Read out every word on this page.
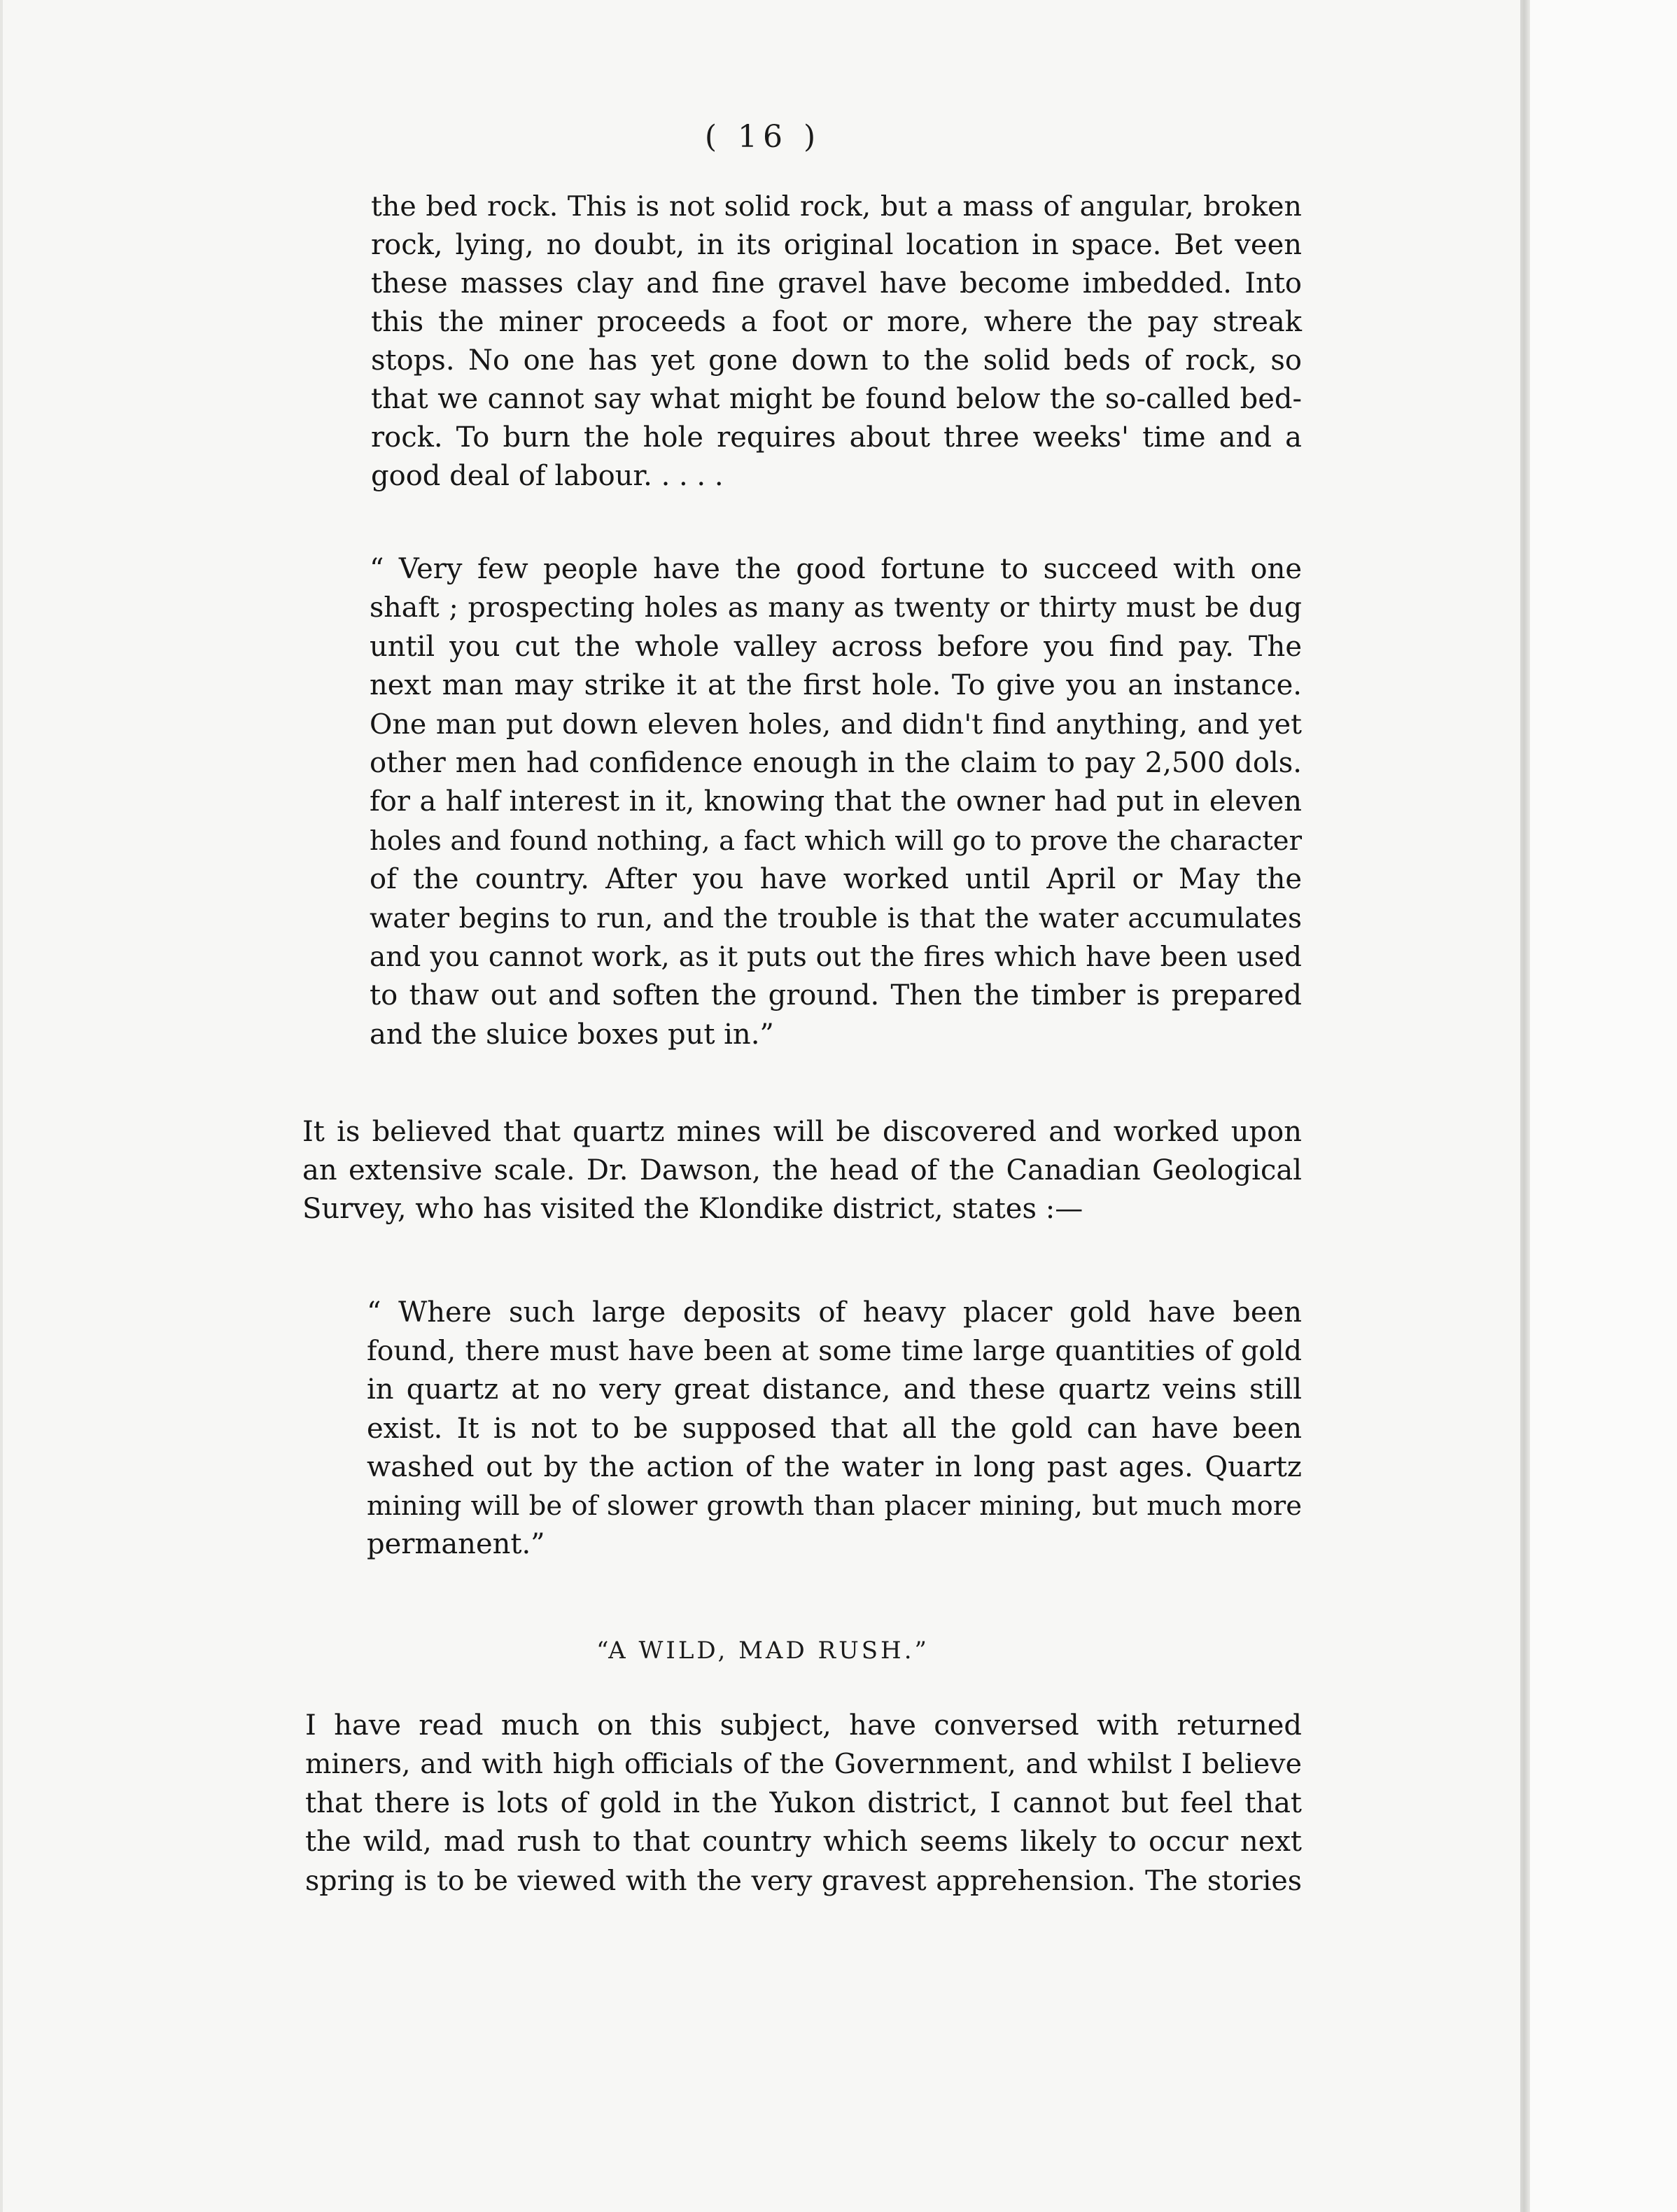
( 16 )
the bed rock. This is not solid rock, but a mass of angular, broken
rock, lying, no doubt, in its original location in space. Bet veen
these masses clay and fine gravel have become imbedded. Into
this the miner proceeds a foot or more, where the pay streak
stops. No one has yet gone down to the solid beds of rock, so
that we cannot say what might be found below the so-called bed-
rock. To burn the hole requires about three weeks' time and a
good deal of labour. . . . .
“ Very few people have the good fortune to succeed with one
shaft ; prospecting holes as many as twenty or thirty must be dug
until you cut the whole valley across before you find pay. The
next man may strike it at the first hole. To give you an instance.
One man put down eleven holes, and didn't find anything, and yet
other men had confidence enough in the claim to pay 2,500 dols.
for a half interest in it, knowing that the owner had put in eleven
holes and found nothing, a fact which will go to prove the character
of the country. After you have worked until April or May the
water begins to run, and the trouble is that the water accumulates
and you cannot work, as it puts out the fires which have been used
to thaw out and soften the ground. Then the timber is prepared
and the sluice boxes put in.”
It is believed that quartz mines will be discovered and worked upon
an extensive scale. Dr. Dawson, the head of the Canadian Geological
Survey, who has visited the Klondike district, states :—
“ Where such large deposits of heavy placer gold have been
found, there must have been at some time large quantities of gold
in quartz at no very great distance, and these quartz veins still
exist. It is not to be supposed that all the gold can have been
washed out by the action of the water in long past ages. Quartz
mining will be of slower growth than placer mining, but much more
permanent.”
“A WILD, MAD RUSH.”
I have read much on this subject, have conversed with returned
miners, and with high officials of the Government, and whilst I believe
that there is lots of gold in the Yukon district, I cannot but feel that
the wild, mad rush to that country which seems likely to occur next
spring is to be viewed with the very gravest apprehension. The stories
